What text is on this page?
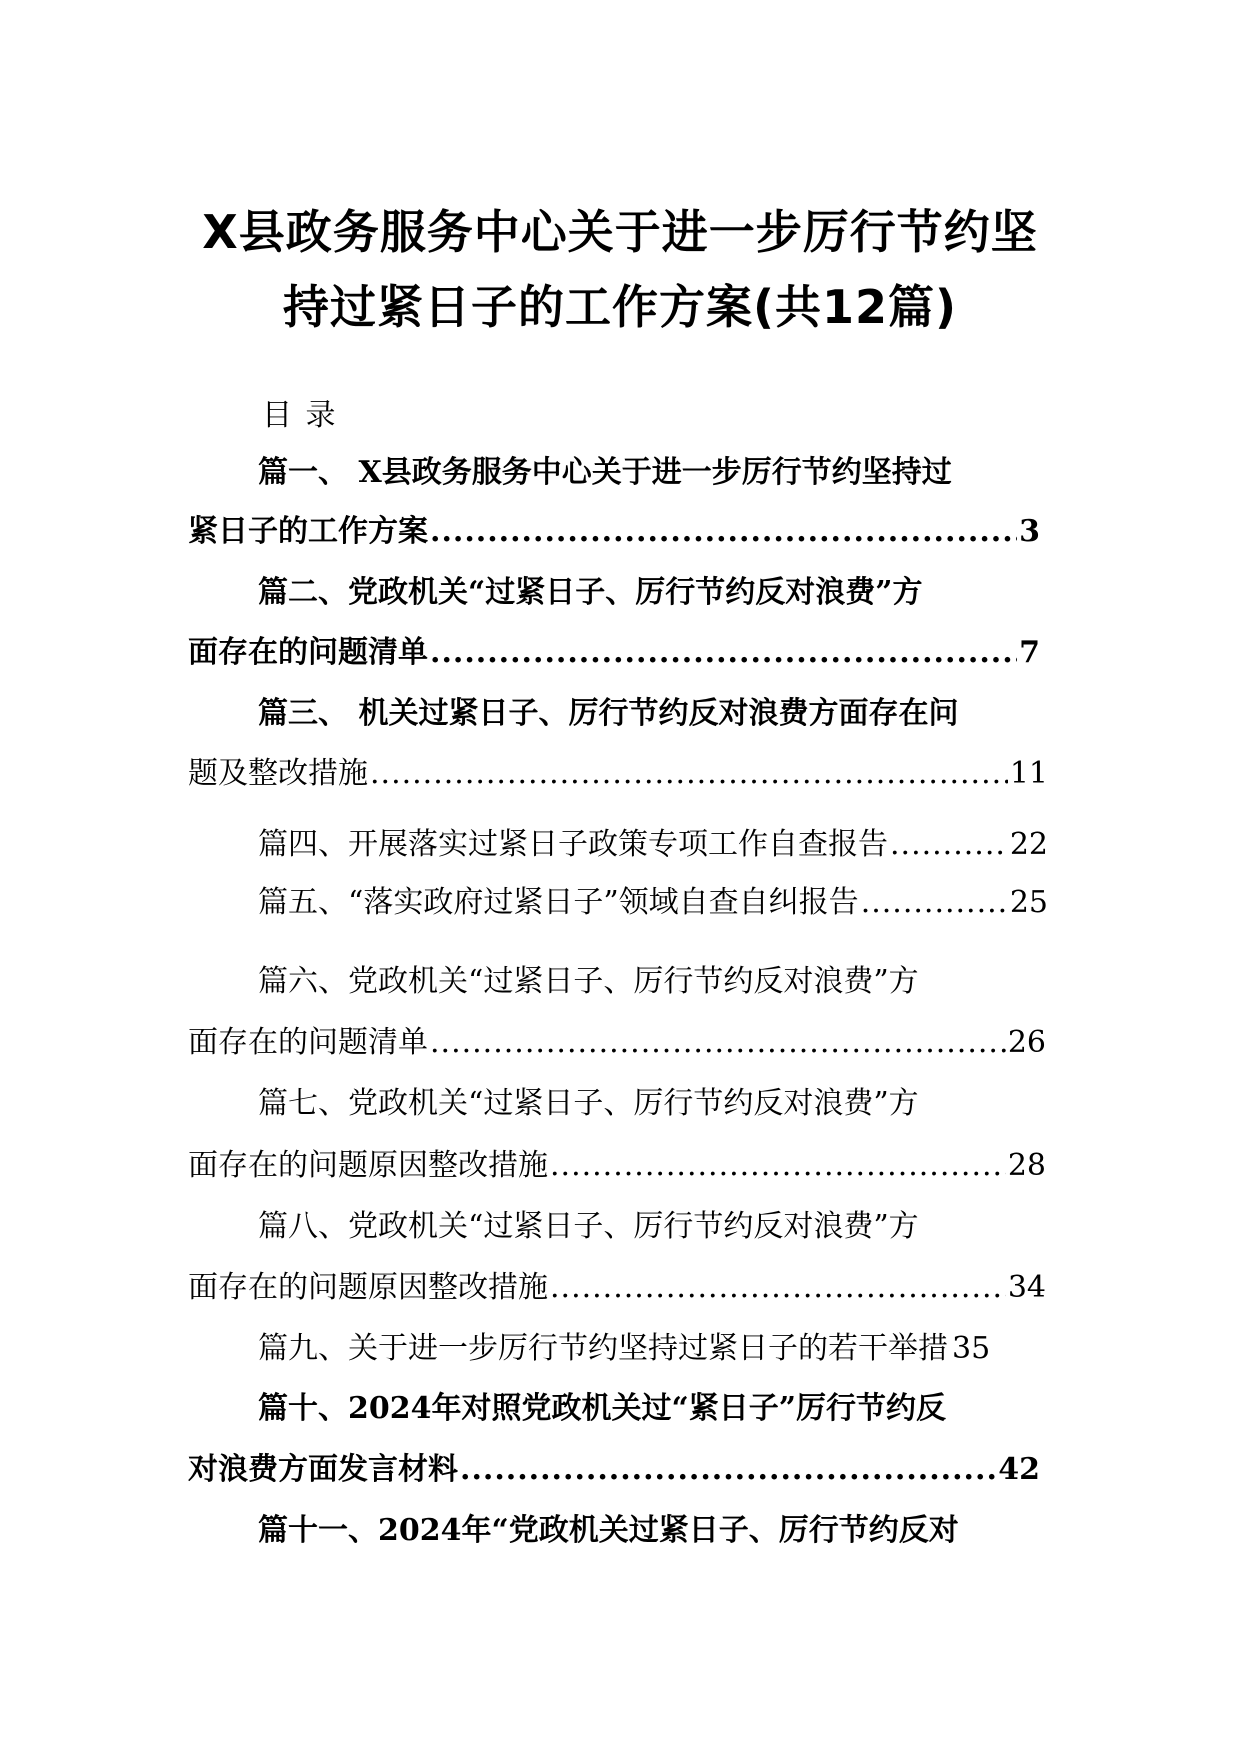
X县政务服务中心关于进一步厉行节约坚
持过紧日子的工作方案(共12篇)
目 录
篇一、 X县政务服务中心关于进一步厉行节约坚持过
紧日子的工作方案 .....	3
篇二、党政机关“过紧日子、厉行节约反对浪费”方
面存在的问题清单 .....	7
篇三、 机关过紧日子、厉行节约反对浪费方面存在问
题及整改措施 .....	11
篇四、开展落实过紧日子政策专项工作自查报告 .....	22
篇五、“落实政府过紧日子”领域自查自纠报告 .....	25
篇六、党政机关“过紧日子、厉行节约反对浪费”方
面存在的问题清单 .....	26
篇七、党政机关“过紧日子、厉行节约反对浪费”方
面存在的问题原因整改措施 .....	28
篇八、党政机关“过紧日子、厉行节约反对浪费”方
面存在的问题原因整改措施 .....	34
篇九、关于进一步厉行节约坚持过紧日子的若干举措 35
篇十、2024年对照党政机关过“紧日子”厉行节约反
对浪费方面发言材料 .....	42
篇十一、2024年“党政机关过紧日子、厉行节约反对
